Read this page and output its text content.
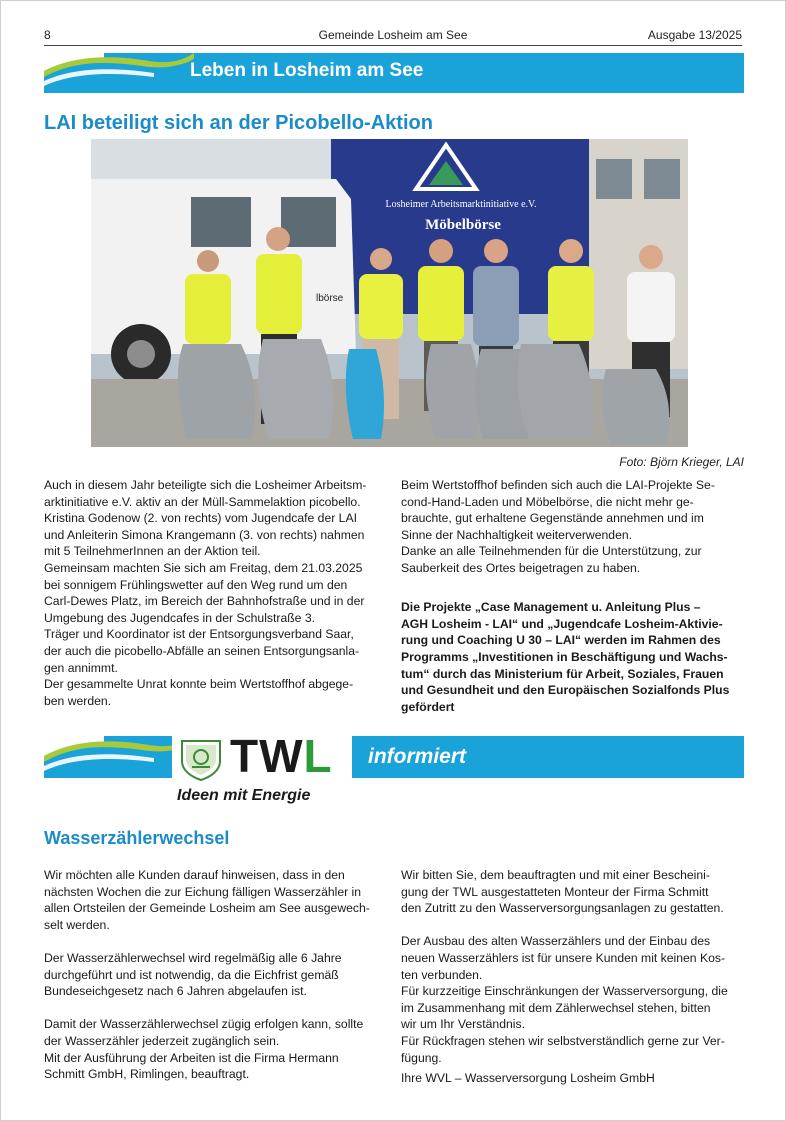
8	Gemeinde Losheim am See	Ausgabe 13/2025
Leben in Losheim am See
LAI beteiligt sich an der Picobello-Aktion
Losheimer Arbeitsmarktinitiative e.V.
Möbelbörse
lbörse
Foto: Björn Krieger, LAI

Auch in diesem Jahr beteiligte sich die Losheimer Arbeitsm-

arktinitiative e.V. aktiv an der Müll-Sammelaktion picobello.

Kristina Godenow (2. von rechts) vom Jugendcafe der LAI

und Anleiterin Simona Krangemann (3. von rechts) nahmen

mit 5 TeilnehmerInnen an der Aktion teil.

Gemeinsam machten Sie sich am Freitag, dem 21.03.2025

bei sonnigem Frühlingswetter auf den Weg rund um den

Carl-Dewes Platz, im Bereich der Bahnhofstraße und in der

Umgebung des Jugendcafes in der Schulstraße 3.

Träger und Koordinator ist der Entsorgungsverband Saar,

der auch die picobello-Abfälle an seinen Entsorgungsanla-

gen annimmt.

Der gesammelte Unrat konnte beim Wertstoffhof abgege-

ben werden.

Beim Wertstoffhof befinden sich auch die LAI-Projekte Se-

cond-Hand-Laden und Möbelbörse, die nicht mehr ge-

brauchte, gut erhaltene Gegenstände annehmen und im

Sinne der Nachhaltigkeit weiterverwenden.

Danke an alle Teilnehmenden für die Unterstützung, zur

Sauberkeit des Ortes beigetragen zu haben.

Die Projekte „Case Management u. Anleitung Plus –

AGH Losheim - LAI“ und „Jugendcafe Losheim-Aktivie-

rung und Coaching U 30 – LAI“ werden im Rahmen des

Programms „Investitionen in Beschäftigung und Wachs-

tum“ durch das Ministerium für Arbeit, Soziales, Frauen

und Gesundheit und den Europäischen Sozialfonds Plus

gefördert

TWL
Ideen mit Energie
informiert
Wasserzählerwechsel

Wir möchten alle Kunden darauf hinweisen, dass in den

nächsten Wochen die zur Eichung fälligen Wasserzähler in

allen Ortsteilen der Gemeinde Losheim am See ausgewech-

selt werden.

Der Wasserzählerwechsel wird regelmäßig alle 6 Jahre

durchgeführt und ist notwendig, da die Eichfrist gemäß

Bundeseichgesetz nach 6 Jahren abgelaufen ist.

Damit der Wasserzählerwechsel zügig erfolgen kann, sollte

der Wasserzähler jederzeit zugänglich sein.

Mit der Ausführung der Arbeiten ist die Firma Hermann

Schmitt GmbH, Rimlingen, beauftragt.

Wir bitten Sie, dem beauftragten und mit einer Bescheini-

gung der TWL ausgestatteten Monteur der Firma Schmitt

den Zutritt zu den Wasserversorgungsanlagen zu gestatten.

Der Ausbau des alten Wasserzählers und der Einbau des

neuen Wasserzählers ist für unsere Kunden mit keinen Kos-

ten verbunden.

Für kurzzeitige Einschränkungen der Wasserversorgung, die

im Zusammenhang mit dem Zählerwechsel stehen, bitten

wir um Ihr Verständnis.

Für Rückfragen stehen wir selbstverständlich gerne zur Ver-

fügung.

Ihre WVL – Wasserversorgung Losheim GmbH
